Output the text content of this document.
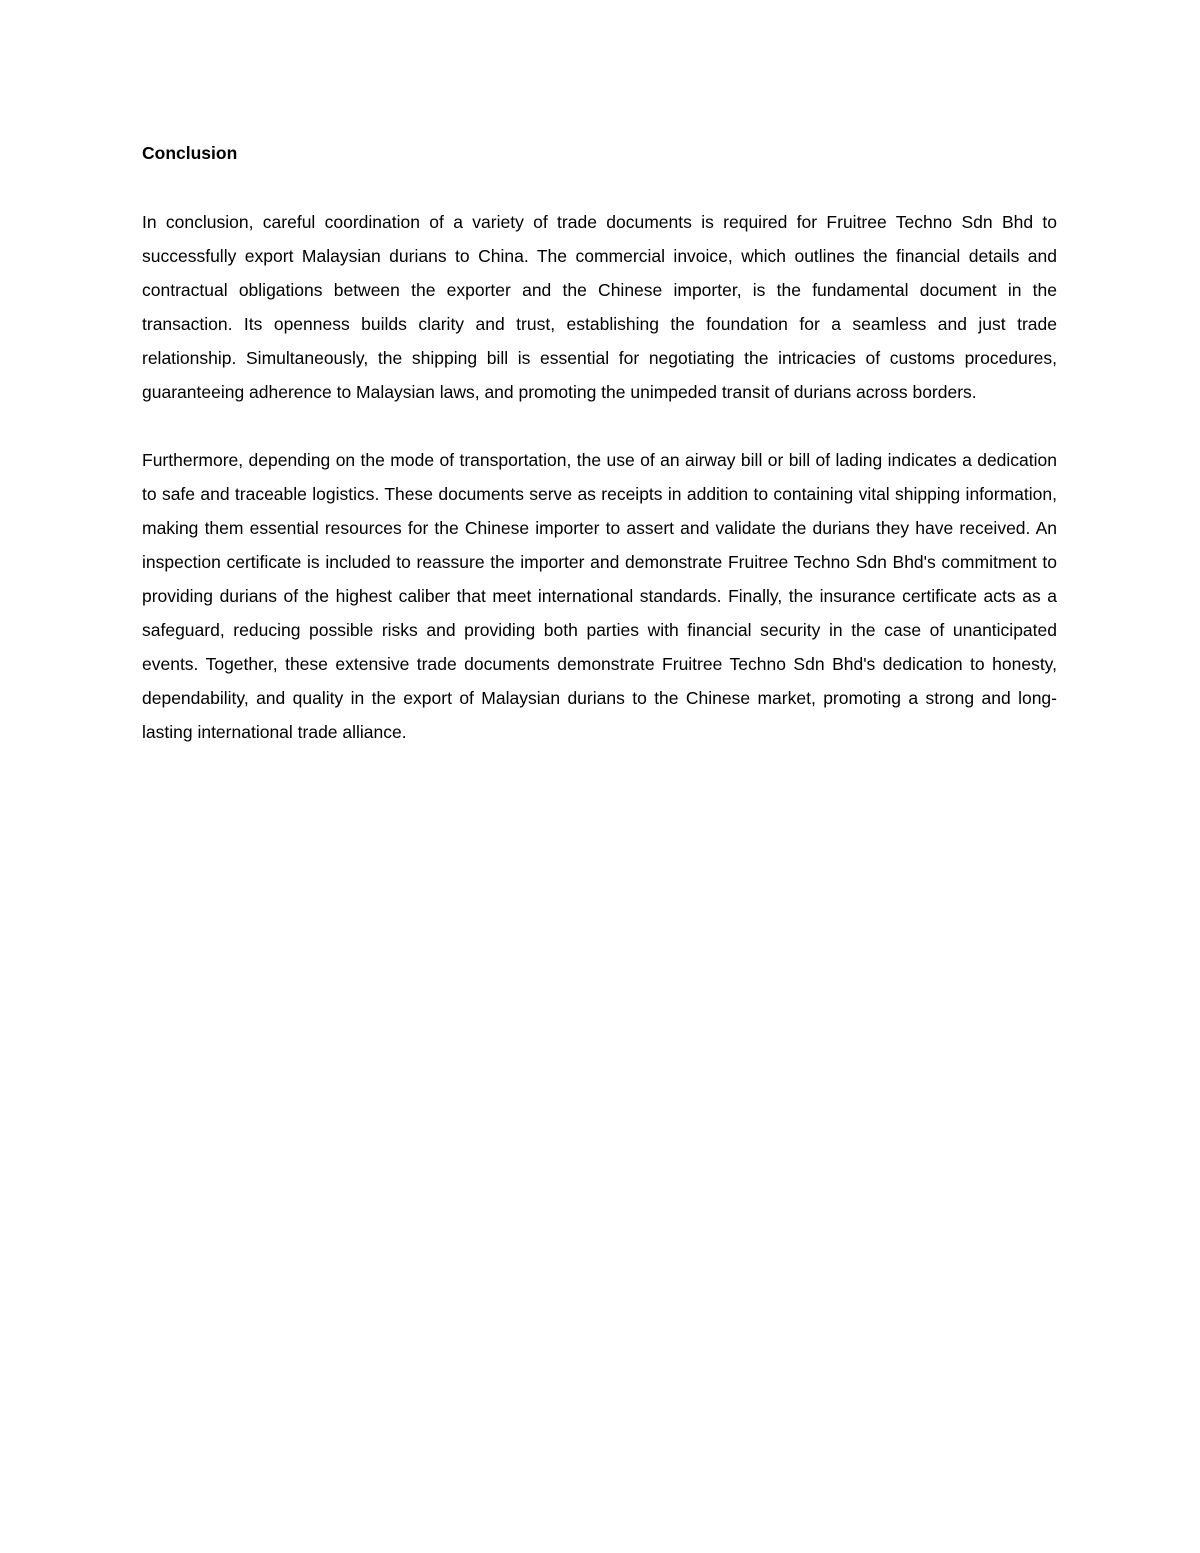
Conclusion

In conclusion, careful coordination of a variety of trade documents is required for Fruitree Techno Sdn Bhd to successfully export Malaysian durians to China. The commercial invoice, which outlines the financial details and contractual obligations between the exporter and the Chinese importer, is the fundamental document in the transaction. Its openness builds clarity and trust, establishing the foundation for a seamless and just trade relationship. Simultaneously, the shipping bill is essential for negotiating the intricacies of customs procedures, guaranteeing adherence to Malaysian laws, and promoting the unimpeded transit of durians across borders.

Furthermore, depending on the mode of transportation, the use of an airway bill or bill of lading indicates a dedication to safe and traceable logistics. These documents serve as receipts in addition to containing vital shipping information, making them essential resources for the Chinese importer to assert and validate the durians they have received. An inspection certificate is included to reassure the importer and demonstrate Fruitree Techno Sdn Bhd's commitment to providing durians of the highest caliber that meet international standards. Finally, the insurance certificate acts as a safeguard, reducing possible risks and providing both parties with financial security in the case of unanticipated events. Together, these extensive trade documents demonstrate Fruitree Techno Sdn Bhd's dedication to honesty, dependability, and quality in the export of Malaysian durians to the Chinese market, promoting a strong and long-lasting international trade alliance.
